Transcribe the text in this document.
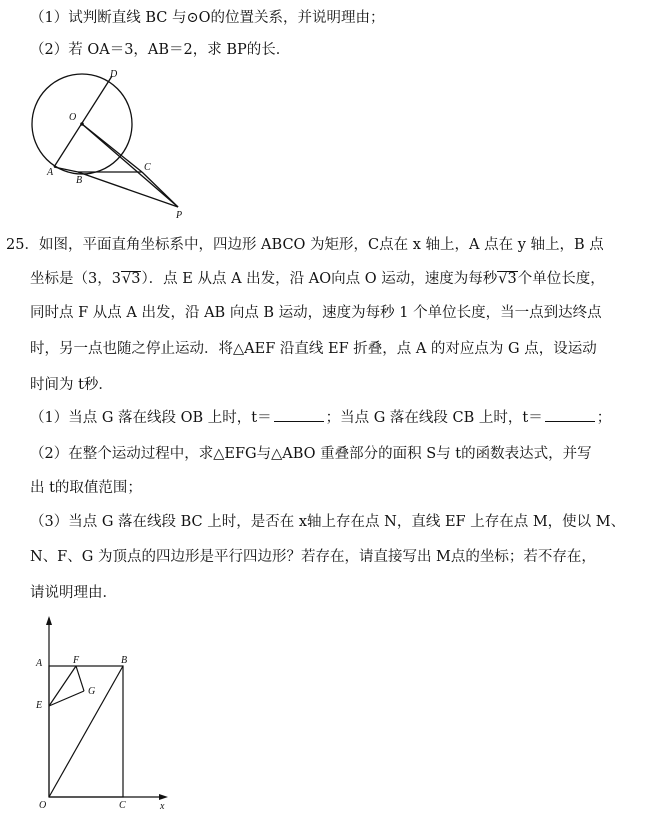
（1）试判断直线 BC 与⊙O的位置关系，并说明理由；
（2）若 OA＝3，AB＝2，求 BP的长．
D
O
C
A
B
P
25．如图，平面直角坐标系中，四边形 ABCO 为矩形，C点在 x 轴上，A 点在 y 轴上，B 点
坐标是（3，3√3）．点 E 从点 A 出发，沿 AO向点 O 运动，速度为每秒√3个单位长度，
同时点 F 从点 A 出发，沿 AB 向点 B 运动，速度为每秒 1 个单位长度，当一点到达终点
时，另一点也随之停止运动．将△AEF 沿直线 EF 折叠，点 A 的对应点为 G 点，设运动
时间为 t秒．
（1）当点 G 落在线段 OB 上时，t＝	；当点 G 落在线段 CB 上时，t＝	；
（2）在整个运动过程中，求△EFG与△ABO 重叠部分的面积 S与 t的函数表达式，并写
出 t的取值范围；
（3）当点 G 落在线段 BC 上时，是否在 x轴上存在点 N，直线 EF 上存在点 M，使以 M、
N、F、G 为顶点的四边形是平行四边形？若存在，请直接写出 M点的坐标；若不存在，
请说明理由．
A	F	B
E
G
O	C	x
